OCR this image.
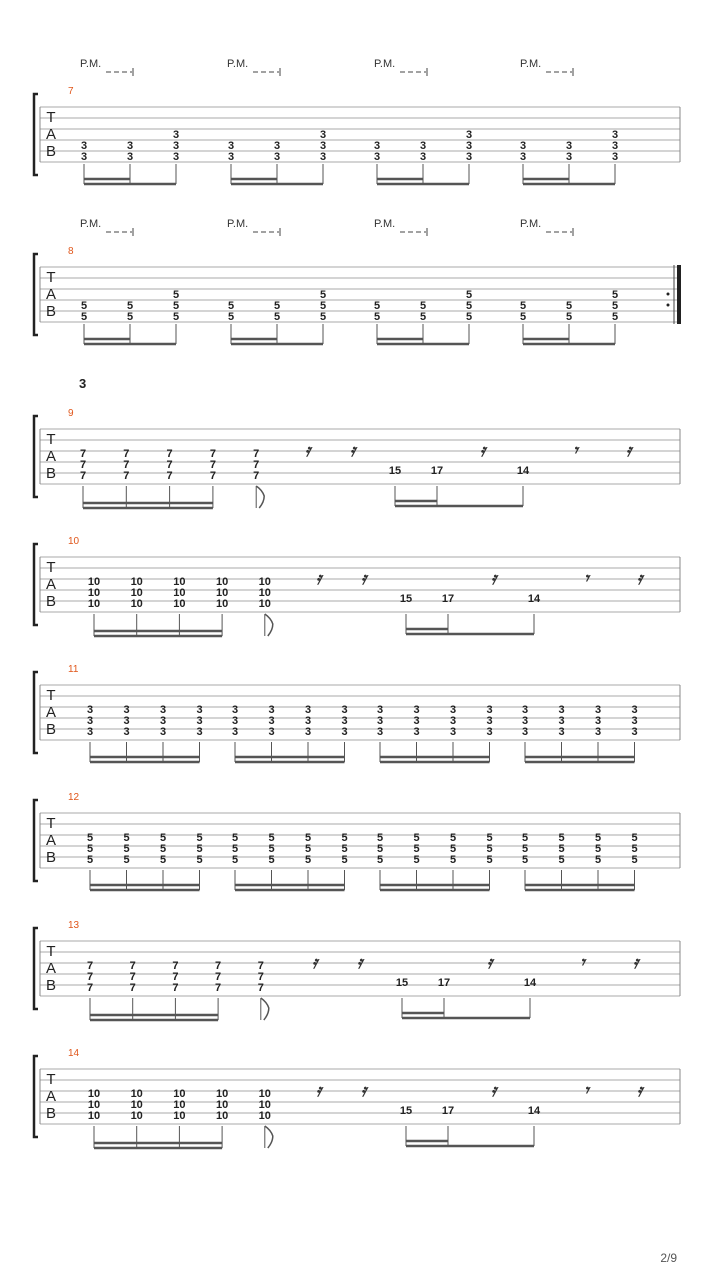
T
A
B
7
P.M.	P.M.	P.M.	P.M.
3
3
3
3
3
3
3
3
3
3
3
3
3
3
3
3
3
3
3
3
3
3
3
3
3
3
3
3
T
A
B
8
P.M.	P.M.	P.M.	P.M.
5
5
5
5
5
5
5
5
5
5
5
5
5
5
5
5
5
5
5
5
5
5
5
5
5
5
5
5
T
A
B
9
3
7
7
7
7
7
7
7
7
7
7
7
7
7
7
7
𝄿 𝄿	𝄿	𝄾	𝄿
15	17	14
T
A
B
10
10
10
10
10
10
10
10
10
10
10
10
10
10
10
10
𝄿 𝄿	𝄿	𝄾	𝄿
15	17	14
T
A
B
11
3
3
3
3
3
3
3
3
3
3
3
3
3
3
3
3
3
3
3
3
3
3
3
3
3
3
3
3
3
3
3
3
3
3
3
3
3
3
3
3
3
3
3
3
3
3
3
3
T
A
B
12
5
5
5
5
5
5
5
5
5
5
5
5
5
5
5
5
5
5
5
5
5
5
5
5
5
5
5
5
5
5
5
5
5
5
5
5
5
5
5
5
5
5
5
5
5
5
5
5
T
A
B
13
7
7
7
7
7
7
7
7
7
7
7
7
7
7
7
𝄿 𝄿	𝄿	𝄾	𝄿
15	17	14
T
A
B
14
10
10
10
10
10
10
10
10
10
10
10
10
10
10
10
𝄿 𝄿	𝄿	𝄾	𝄿
15	17	14
2/9
